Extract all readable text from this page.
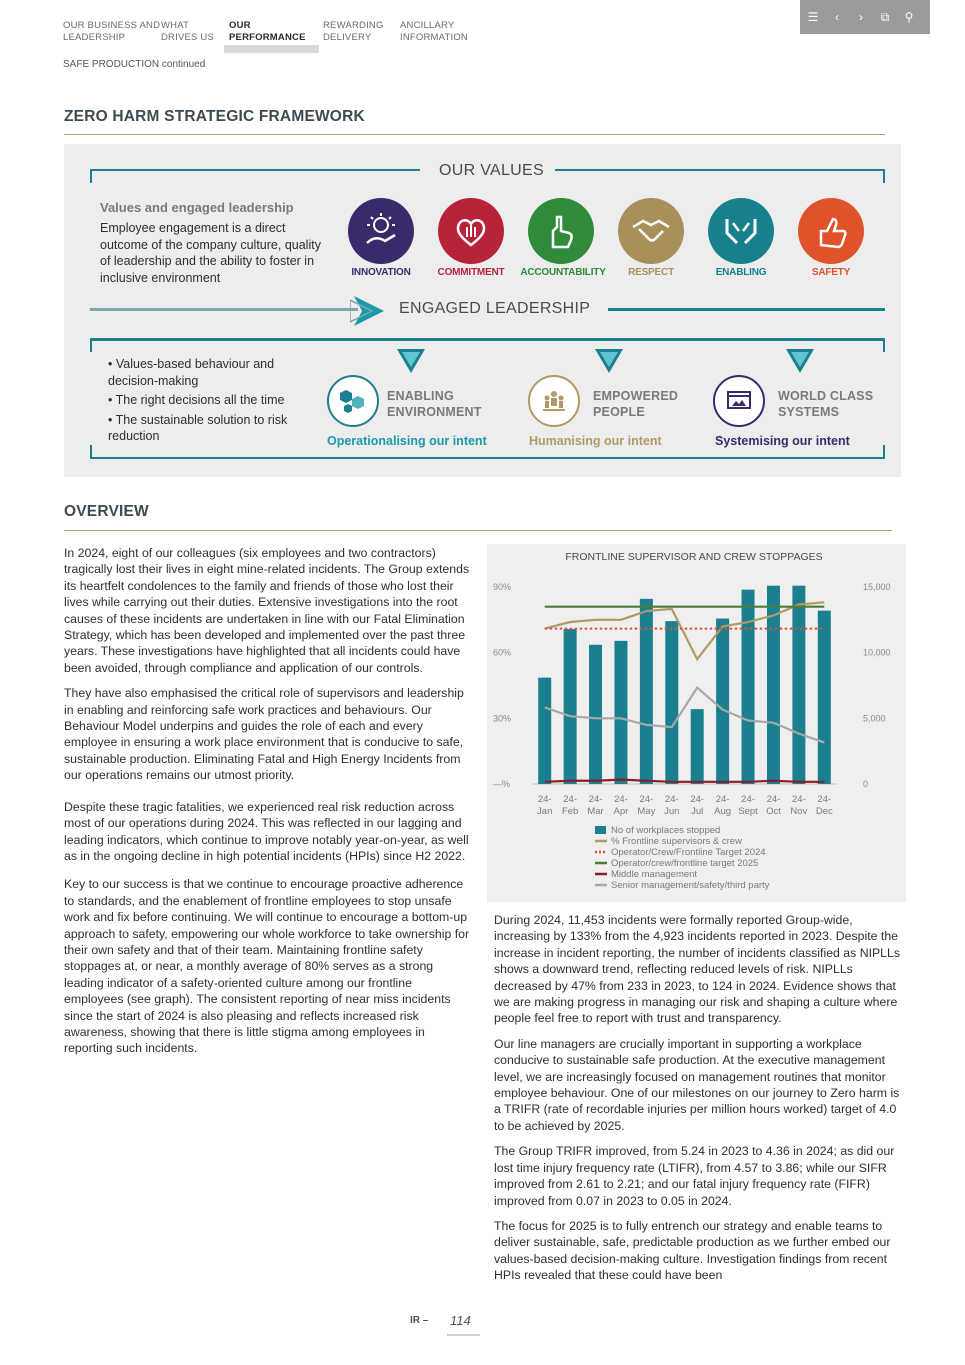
OUR BUSINESS AND
LEADERSHIP
WHAT
DRIVES US
OUR
PERFORMANCE
REWARDING
DELIVERY
ANCILLARY
INFORMATION
☰	‹	›	⧉ ⚲
SAFE PRODUCTION continued
ZERO HARM STRATEGIC FRAMEWORK
OUR VALUES
Values and engaged leadership
Employee engagement is a direct outcome of the company culture, quality of leadership and the ability to foster in inclusive environment	INNOVATION	COMMITMENT	ACCOUNTABILITY	RESPECT	ENABLING	SAFETY
ENGAGED LEADERSHIP
• Values-based behaviour and decision-making
• The right decisions all the time
• The sustainable solution to risk reduction
ENABLING
ENVIRONMENT
Operationalising our intent
EMPOWERED
PEOPLE
Humanising our intent
WORLD CLASS
SYSTEMS
Systemising our intent
OVERVIEW

In 2024, eight of our colleagues (six employees and two contractors) tragically lost their lives in eight mine-related incidents. The Group extends its heartfelt condolences to the family and friends of those who lost their lives while carrying out their duties. Extensive investigations into the root causes of these incidents are undertaken in line with our Fatal Elimination Strategy, which has been developed and implemented over the past three years. These investigations have highlighted that all incidents could have been avoided, through compliance and application of our controls.

They have also emphasised the critical role of supervisors and leadership in enabling and reinforcing safe work practices and behaviours. Our Behaviour Model underpins and guides the role of each and every employee in ensuring a work place environment that is conducive to safe, sustainable production. Eliminating Fatal and High Energy Incidents from our operations remains our utmost priority.

Despite these tragic fatalities, we experienced real risk reduction across most of our operations during 2024. This was reflected in our lagging and leading indicators, which continue to improve notably year-on-year, as well as in the ongoing decline in high potential incidents (HPIs) since H2 2022.

Key to our success is that we continue to encourage proactive adherence to standards, and the enablement of frontline employees to stop unsafe work and fix before continuing. We will continue to encourage a bottom-up approach to safety, empowering our whole workforce to take ownership for their own safety and that of their team. Maintaining frontline safety stoppages at, or near, a monthly average of 80% serves as a strong leading indicator of a safety-oriented culture among our frontline employees (see graph). The consistent reporting of near miss incidents since the start of 2024 is also pleasing and reflects increased risk awareness, showing that there is little stigma among employees in reporting such incidents.

FRONTLINE SUPERVISOR AND CREW STOPPAGES
90%
60%
30%
—%
15,000
10,000
5,000
0
24-
Jan
24-
Feb
24-
Mar
24-
Apr
24-
May
24-
Jun
24-
Jul
24-
Aug
24-
Sept
24-
Oct
24-
Nov
24-
Dec
No of workplaces stopped
% Frontline supervisors & crew
Operator/Crew/Frontline Target 2024
Operator/crew/frontline target 2025
Middle management
Senior management/safety/third party

During 2024, 11,453 incidents were formally reported Group-wide, increasing by 133% from the 4,923 incidents reported in 2023. Despite the increase in incident reporting, the number of incidents classified as NIPLLs shows a downward trend, reflecting reduced levels of risk. NIPLLs decreased by 47% from 233 in 2023, to 124 in 2024. Evidence shows that we are making progress in managing our risk and shaping a culture where people feel free to report with trust and transparency.

Our line managers are crucially important in supporting a workplace conducive to sustainable safe production. At the executive management level, we are increasingly focused on management routines that monitor employee behaviour. One of our milestones on our journey to Zero harm is a TRIFR (rate of recordable injuries per million hours worked) target of 4.0 to be achieved by 2025.

The Group TRIFR improved, from 5.24 in 2023 to 4.36 in 2024; as did our lost time injury frequency rate (LTIFR), from 4.57 to 3.86; while our SIFR improved from 2.61 to 2.21; and our fatal injury frequency rate (FIFR) improved from 0.07 in 2023 to 0.05 in 2024.

The focus for 2025 is to fully entrench our strategy and enable teams to deliver sustainable, safe, predictable production as we further embed our values-based decision-making culture. Investigation findings from recent HPIs revealed that these could have been

IR – 114
